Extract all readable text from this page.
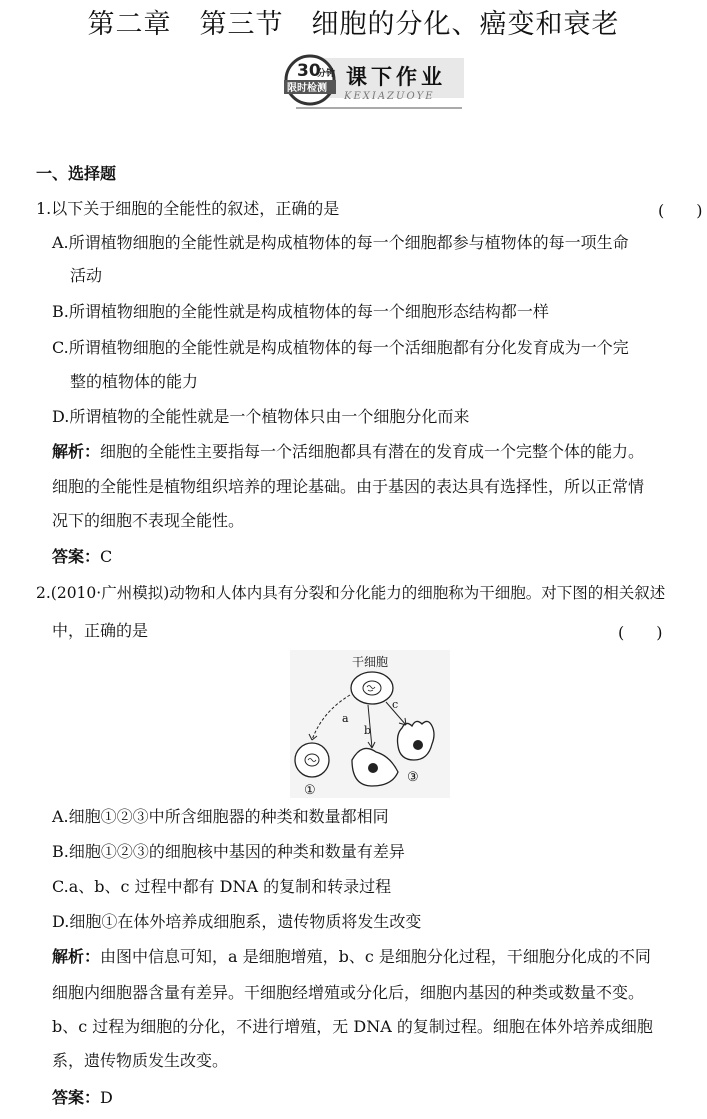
第二章　第三节　细胞的分化、癌变和衰老
30
分钟
限时检测 课下作业
KEXIAZUOYE
一、选择题
1.以下关于细胞的全能性的叙述，正确的是	(　　)
A.所谓植物细胞的全能性就是构成植物体的每一个细胞都参与植物体的每一项生命
活动
B.所谓植物细胞的全能性就是构成植物体的每一个细胞形态结构都一样
C.所谓植物细胞的全能性就是构成植物体的每一个活细胞都有分化发育成为一个完
整的植物体的能力
D.所谓植物的全能性就是一个植物体只由一个细胞分化而来
解析：细胞的全能性主要指每一个活细胞都具有潜在的发育成一个完整个体的能力。
细胞的全能性是植物组织培养的理论基础。由于基因的表达具有选择性，所以正常情
况下的细胞不表现全能性。
答案：C
2.(2010·广州模拟)动物和人体内具有分裂和分化能力的细胞称为干细胞。对下图的相关叙述
中，正确的是	(　　)
干细胞
a
b
c
①
③
A.细胞①②③中所含细胞器的种类和数量都相同
B.细胞①②③的细胞核中基因的种类和数量有差异
C.a、b、c 过程中都有 DNA 的复制和转录过程
D.细胞①在体外培养成细胞系，遗传物质将发生改变
解析：由图中信息可知，a 是细胞增殖，b、c 是细胞分化过程，干细胞分化成的不同
细胞内细胞器含量有差异。干细胞经增殖或分化后，细胞内基因的种类或数量不变。
b、c 过程为细胞的分化，不进行增殖，无 DNA 的复制过程。细胞在体外培养成细胞
系，遗传物质发生改变。
答案：D
